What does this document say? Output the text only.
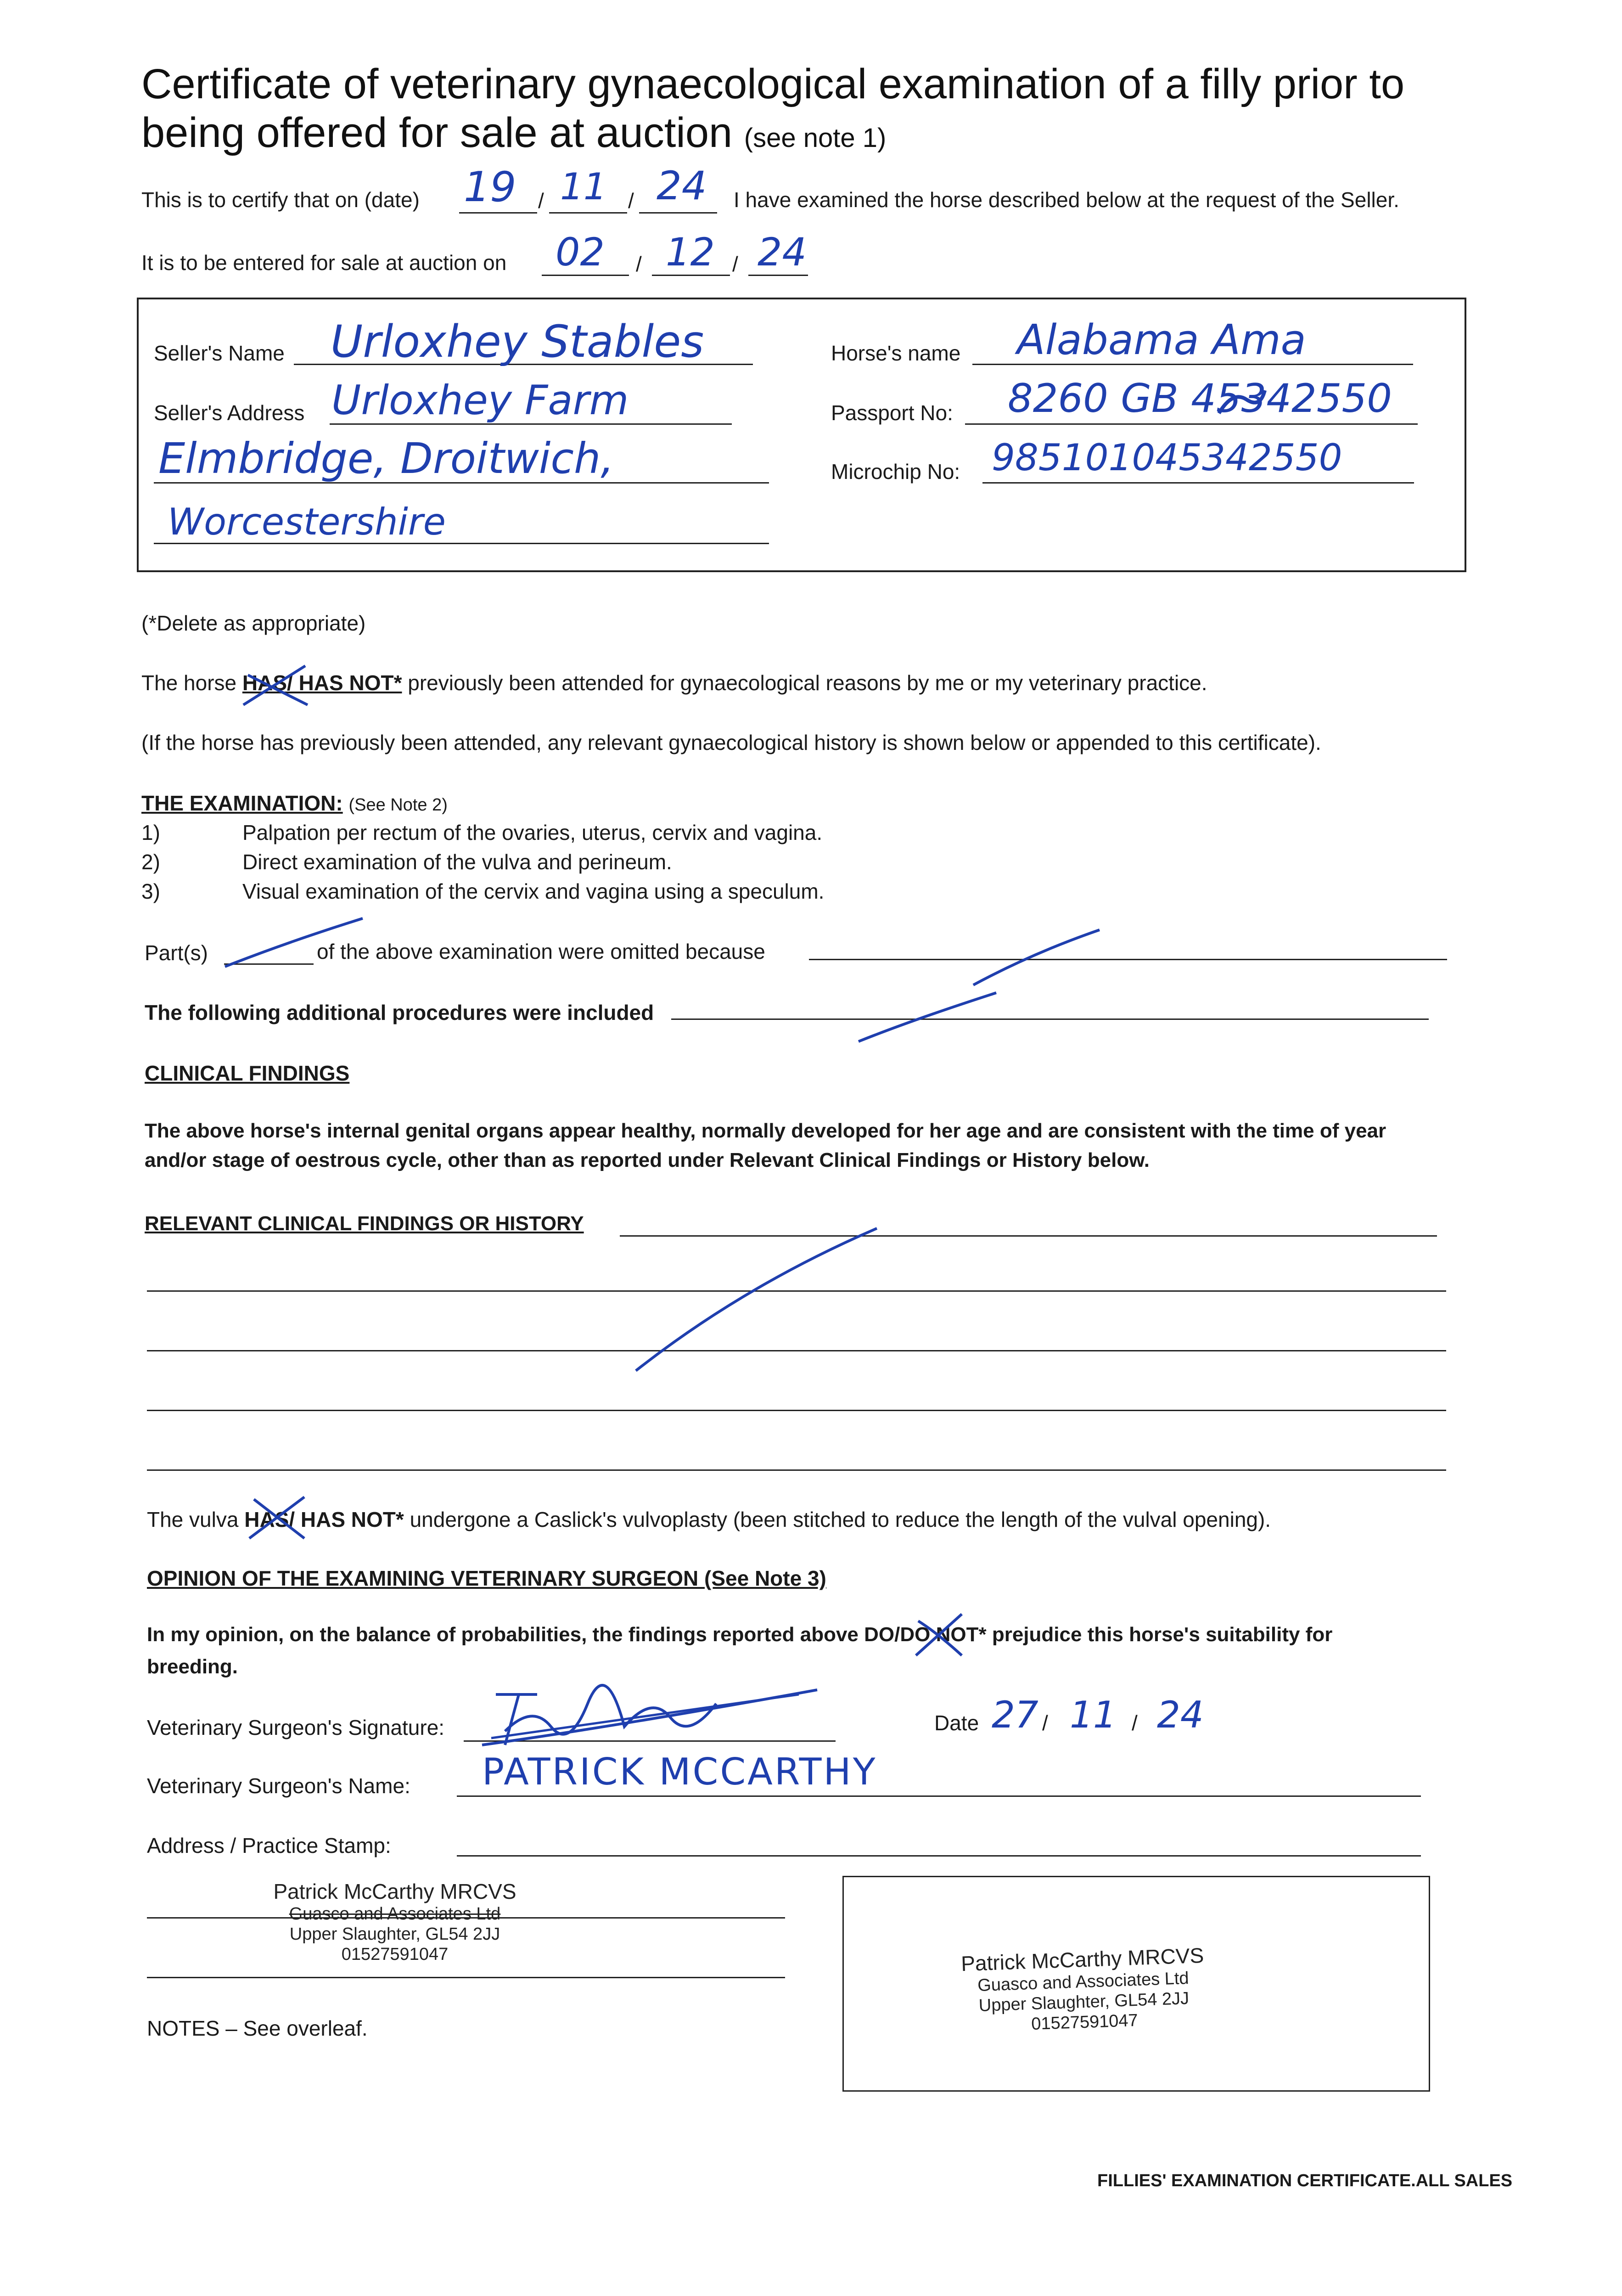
Certificate of veterinary gynaecological examination of a filly prior to
being offered for sale at auction (see note 1)
This is to certify that on (date)	/	/
19 11 24 I have examined the horse described below at the request of the Seller.
It is to be entered for sale at auction on	/	/
02 12 24
Seller's Name Urloxhey Stables
Seller's Address Urloxhey Farm
Elmbridge, Droitwich,
Worcestershire
Horse's name Alabama Ama
Passport No: 8260 GB 45342550
Microchip No: 985101045342550
(*Delete as appropriate)
The horse HAS/ HAS NOT* previously been attended for gynaecological reasons by me or my veterinary practice.
(If the horse has previously been attended, any relevant gynaecological history is shown below or appended to this certificate).
THE EXAMINATION: (See Note 2)
1)	Palpation per rectum of the ovaries, uterus, cervix and vagina.
2)	Direct examination of the vulva and perineum.
3)	Visual examination of the cervix and vagina using a speculum.
Part(s)	of the above examination were omitted because
The following additional procedures were included
CLINICAL FINDINGS
The above horse's internal genital organs appear healthy, normally developed for her age and are consistent with the time of year
and/or stage of oestrous cycle, other than as reported under Relevant Clinical Findings or History below.
RELEVANT CLINICAL FINDINGS OR HISTORY
The vulva HAS/ HAS NOT* undergone a Caslick's vulvoplasty (been stitched to reduce the length of the vulval opening).
OPINION OF THE EXAMINING VETERINARY SURGEON (See Note 3)
In my opinion, on the balance of probabilities, the findings reported above DO/DO NOT* prejudice this horse's suitability for
breeding.
Veterinary Surgeon's Signature:	Date 27 / 11 / 24
Veterinary Surgeon's Name: PATRICK MCCARTHY
Address / Practice Stamp:
Patrick McCarthy MRCVS
Guasco and Associates Ltd
Upper Slaughter, GL54 2JJ
01527591047
NOTES – See overleaf.
Patrick McCarthy MRCVS
Guasco and Associates Ltd
Upper Slaughter, GL54 2JJ
01527591047
FILLIES' EXAMINATION CERTIFICATE.ALL SALES
